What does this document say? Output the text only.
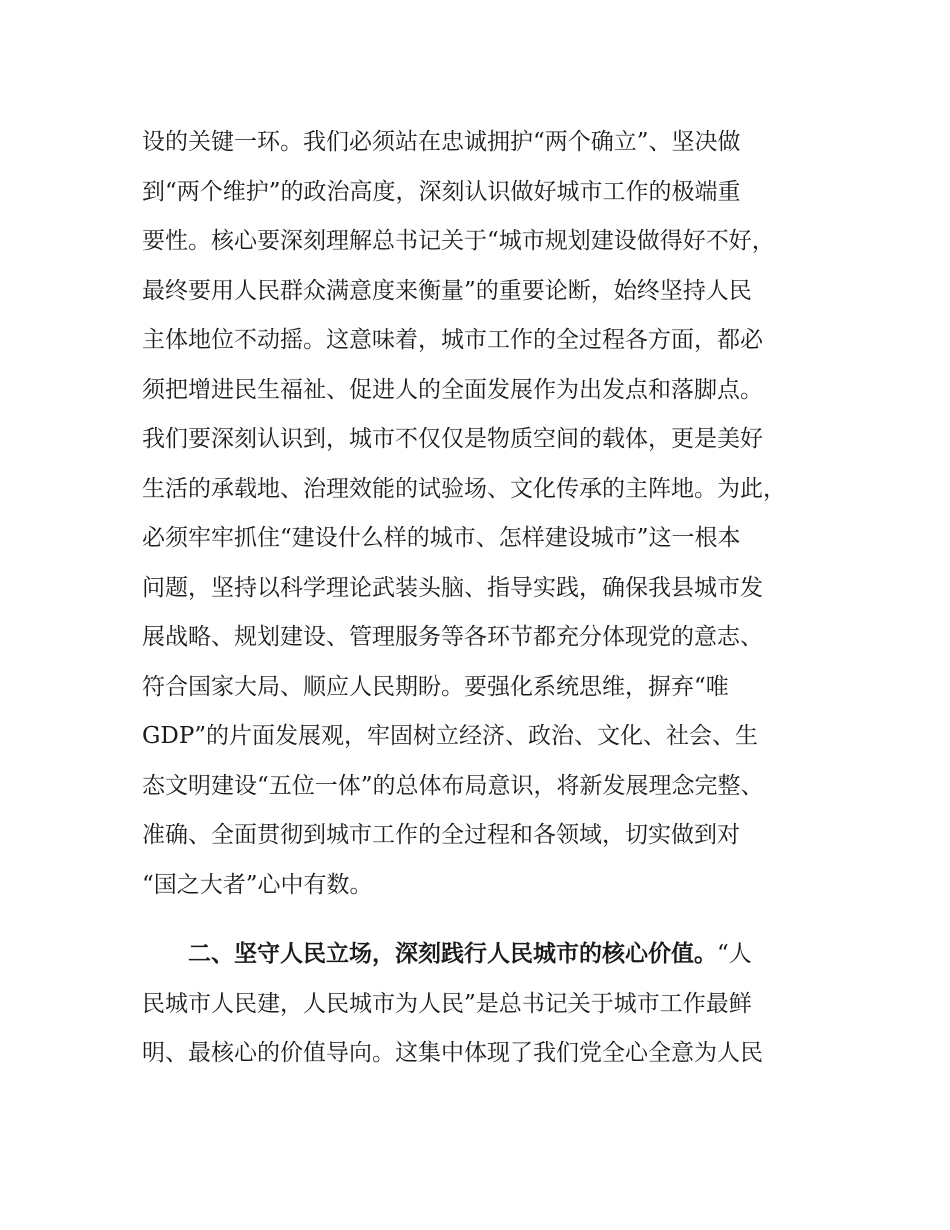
设的关键一环。我们必须站在忠诚拥护“两个确立”、坚决做
到“两个维护”的政治高度，深刻认识做好城市工作的极端重
要性。核心要深刻理解总书记关于“城市规划建设做得好不好，
最终要用人民群众满意度来衡量”的重要论断，始终坚持人民
主体地位不动摇。这意味着，城市工作的全过程各方面，都必
须把增进民生福祉、促进人的全面发展作为出发点和落脚点。
我们要深刻认识到，城市不仅仅是物质空间的载体，更是美好
生活的承载地、治理效能的试验场、文化传承的主阵地。为此，
必须牢牢抓住“建设什么样的城市、怎样建设城市”这一根本
问题，坚持以科学理论武装头脑、指导实践，确保我县城市发
展战略、规划建设、管理服务等各环节都充分体现党的意志、
符合国家大局、顺应人民期盼。要强化系统思维，摒弃“唯
GDP”的片面发展观，牢固树立经济、政治、文化、社会、生
态文明建设“五位一体”的总体布局意识，将新发展理念完整、
准确、全面贯彻到城市工作的全过程和各领域，切实做到对
“国之大者”心中有数。
二、坚守人民立场，深刻践行人民城市的核心价值。“人
民城市人民建，人民城市为人民”是总书记关于城市工作最鲜
明、最核心的价值导向。这集中体现了我们党全心全意为人民
